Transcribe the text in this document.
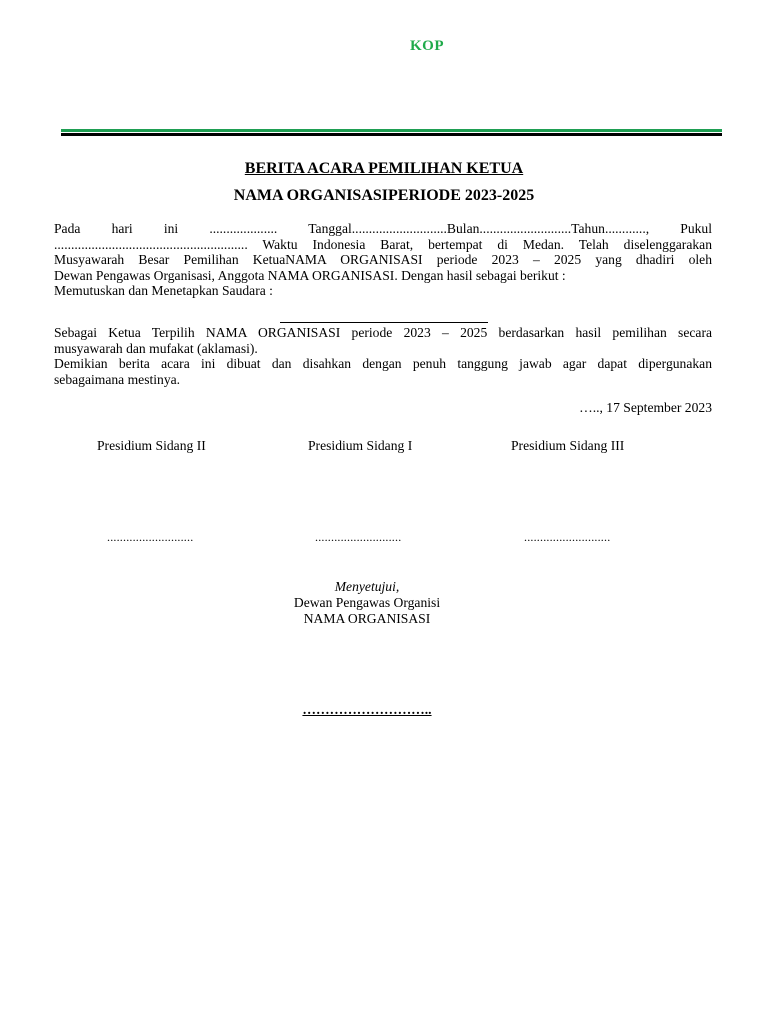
KOP
BERITA ACARA PEMILIHAN KETUA
NAMA ORGANISASIPERIODE 2023-2025
Pada hari ini .................... Tanggal............................Bulan...........................Tahun............, Pukul
......................................................... Waktu Indonesia Barat, bertempat di Medan. Telah diselenggarakan
Musyawarah Besar Pemilihan KetuaNAMA ORGANISASI periode 2023 – 2025 yang dhadiri oleh
Dewan Pengawas Organisasi, Anggota NAMA ORGANISASI. Dengan hasil sebagai berikut :
Memutuskan dan Menetapkan Saudara :
Sebagai Ketua Terpilih NAMA ORGANISASI periode 2023 – 2025 berdasarkan hasil pemilihan secara
musyawarah dan mufakat (aklamasi).
Demikian berita acara ini dibuat dan disahkan dengan penuh tanggung jawab agar dapat dipergunakan
sebagaimana mestinya.
….., 17 September 2023
Presidium Sidang II	Presidium Sidang I	Presidium Sidang III
...........................	...........................	...........................
Menyetujui,
Dewan Pengawas Organisi
NAMA ORGANISASI
………………………..
